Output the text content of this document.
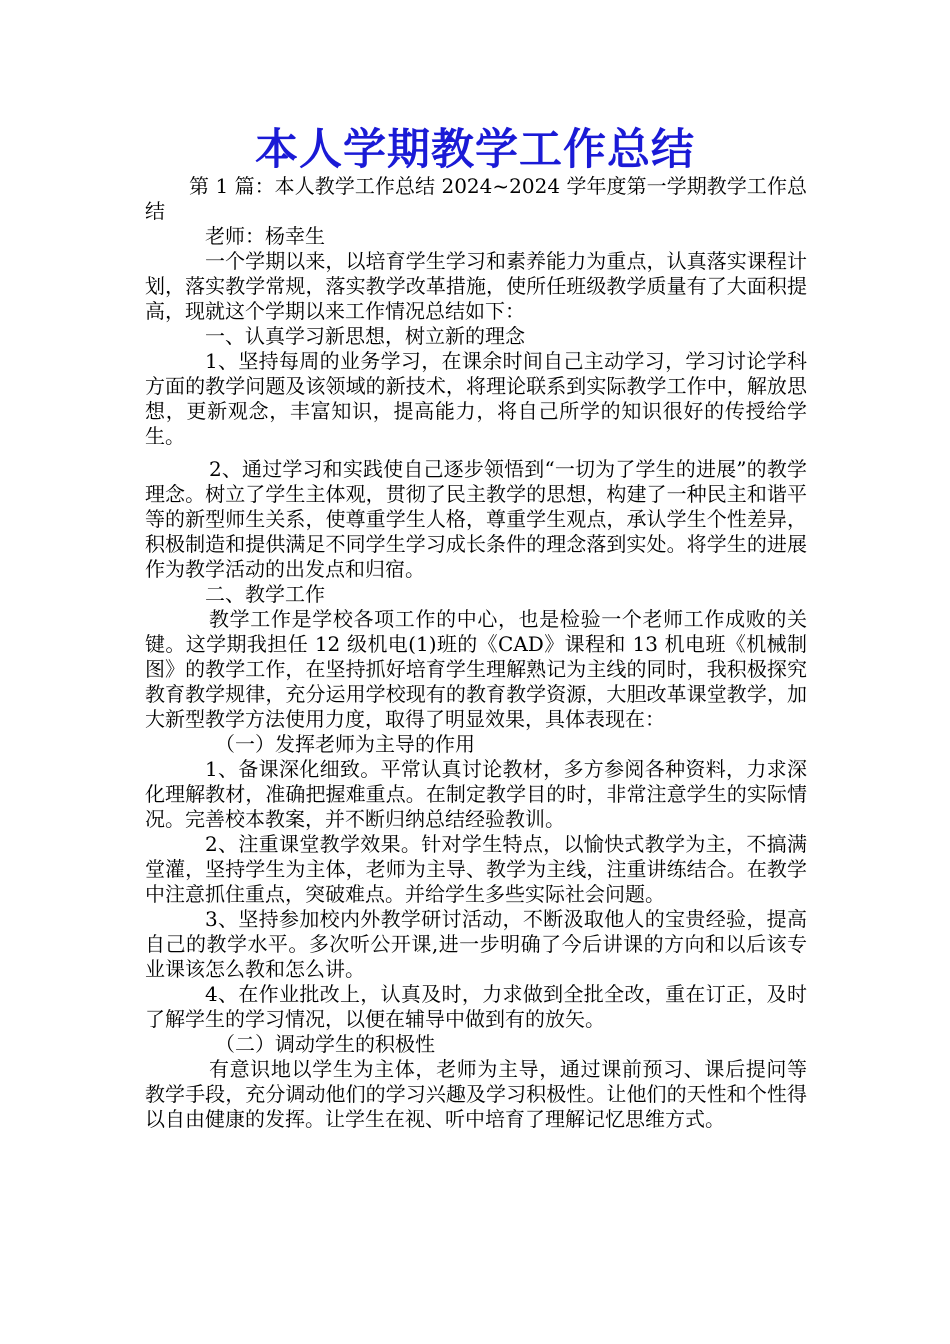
本人学期教学工作总结

第 1 篇：本人教学工作总结 2024~2024 学年度第一学期教学工作总结

老师：杨幸生

一个学期以来，以培育学生学习和素养能力为重点，认真落实课程计划，落实教学常规，落实教学改革措施，使所任班级教学质量有了大面积提高，现就这个学期以来工作情况总结如下：

一、认真学习新思想，树立新的理念

1、坚持每周的业务学习，在课余时间自己主动学习，学习讨论学科方面的教学问题及该领域的新技术，将理论联系到实际教学工作中，解放思想，更新观念，丰富知识，提高能力，将自己所学的知识很好的传授给学生。

2、通过学习和实践使自己逐步领悟到“一切为了学生的进展”的教学理念。树立了学生主体观，贯彻了民主教学的思想，构建了一种民主和谐平等的新型师生关系，使尊重学生人格，尊重学生观点，承认学生个性差异，积极制造和提供满足不同学生学习成长条件的理念落到实处。将学生的进展作为教学活动的出发点和归宿。

二、教学工作

教学工作是学校各项工作的中心，也是检验一个老师工作成败的关键。这学期我担任 12 级机电(1)班的《CAD》课程和 13 机电班《机械制图》的教学工作，在坚持抓好培育学生理解熟记为主线的同时，我积极探究教育教学规律，充分运用学校现有的教育教学资源，大胆改革课堂教学，加大新型教学方法使用力度，取得了明显效果，具体表现在：

（一）发挥老师为主导的作用

1、备课深化细致。平常认真讨论教材，多方参阅各种资料，力求深化理解教材，准确把握难重点。在制定教学目的时，非常注意学生的实际情况。完善校本教案，并不断归纳总结经验教训。

2、注重课堂教学效果。针对学生特点，以愉快式教学为主，不搞满堂灌，坚持学生为主体，老师为主导、教学为主线，注重讲练结合。在教学中注意抓住重点，突破难点。并给学生多些实际社会问题。

3、坚持参加校内外教学研讨活动，不断汲取他人的宝贵经验，提高自己的教学水平。多次听公开课,进一步明确了今后讲课的方向和以后该专业课该怎么教和怎么讲。

4、在作业批改上，认真及时，力求做到全批全改，重在订正，及时了解学生的学习情况，以便在辅导中做到有的放矢。

（二）调动学生的积极性

有意识地以学生为主体，老师为主导，通过课前预习、课后提问等教学手段，充分调动他们的学习兴趣及学习积极性。让他们的天性和个性得以自由健康的发挥。让学生在视、听中培育了理解记忆思维方式。
